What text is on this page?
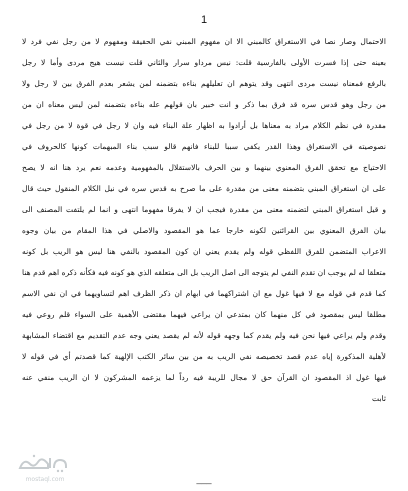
1
الاحتمال وصار نصا في الاستغراق كالمبني الا ان مفهوم المبني نفي الحقيقة ومفهوم لا من رجل نفي فرد لا
بعينه حتى إذا فسرت الأولى بالفارسية قلت: نيس مرداو سرار والثاني قلت نيست هيج مردى وأما لا رجل
بالرفع فمعناه نيست مردى انتهى وقد يتوهم ان تعليلهم بناءه بتضمنه لمن يشعر بعدم الفرق بين لا رجل ولا
من رجل وهو قدس سره قد فرق بما ذكر و انت خبير بان قولهم عله بناءه بتضمنه لمن ليس معناه ان من
مقدرة في نظم الكلام مراد به معناها بل أرادوا به اظهار علة البناء فيه وان لا رجل في قوة لا من رجل في
نصوصيته في الاستغراق وهذا القدر يكفي سببا للبناء فانهم قالو سبب بناء المبهمات كونها كالحروف في
الاحتياج مع تحقق الفرق المعنوي بينهما و بين الحرف بالاستقلال بالمفهومية وعدمه نعم يرد هنا انه لا يصح
على ان استغراق المبني بتضمنه معنى من مقدرة على ما صرح به قدس سره في نيل الكلام المنقول حيث قال
و قيل استغراق المبني لتضمنه معنى من مقدرة فيجب ان لا يفرقا مفهوما انتهى و انما لم يلتفت المصنف الى
بيان الفرق المعنوي بين القرائتين لكونه خارجا عما هو المقصود والاصلي في هذا المقام من بيان وجوه
الاعراب المتضمن للفرق اللفظي قوله ولم يقدم يعني ان كون المقصود بالنفي هنا ليس هو الريب بل كونه
متعلقا له لم يوجب ان تقدم النفي لم يتوجه الى اصل الريب بل الى متعلقه الذي هو كونه فيه فكأنه ذكره اهم قدم هنا
كما قدم في قوله مع لا فيها غول مع ان اشتراكهما في ابهام ان ذكر الظرف اهم لتساويهما في ان نفي الاسم
مطلقا ليس بمقصود في كل منهما كان بمتدعي ان يراعي فيهما مقتضى الأهمية على السواء قلم روعي فيه
وقدم ولم يراعي فيها نحن فيه ولم يقدم كما وجهه قوله لأنه لم يقصد يعني وجه عدم التقديم مع اقتضاء المشابهة
لأهلية المذكورة إياه عدم قصد تخصيصه نفي الريب به من بين سائر الكتب الإلهية كما قصدتم أي في قوله لا
فيها غول اذ المقصود ان القرآن حق لا مجال للريبة فيه رداً لما يزعمه المشركون لا ان الريب منفي عنه
ثابت
mostaql.com	___
